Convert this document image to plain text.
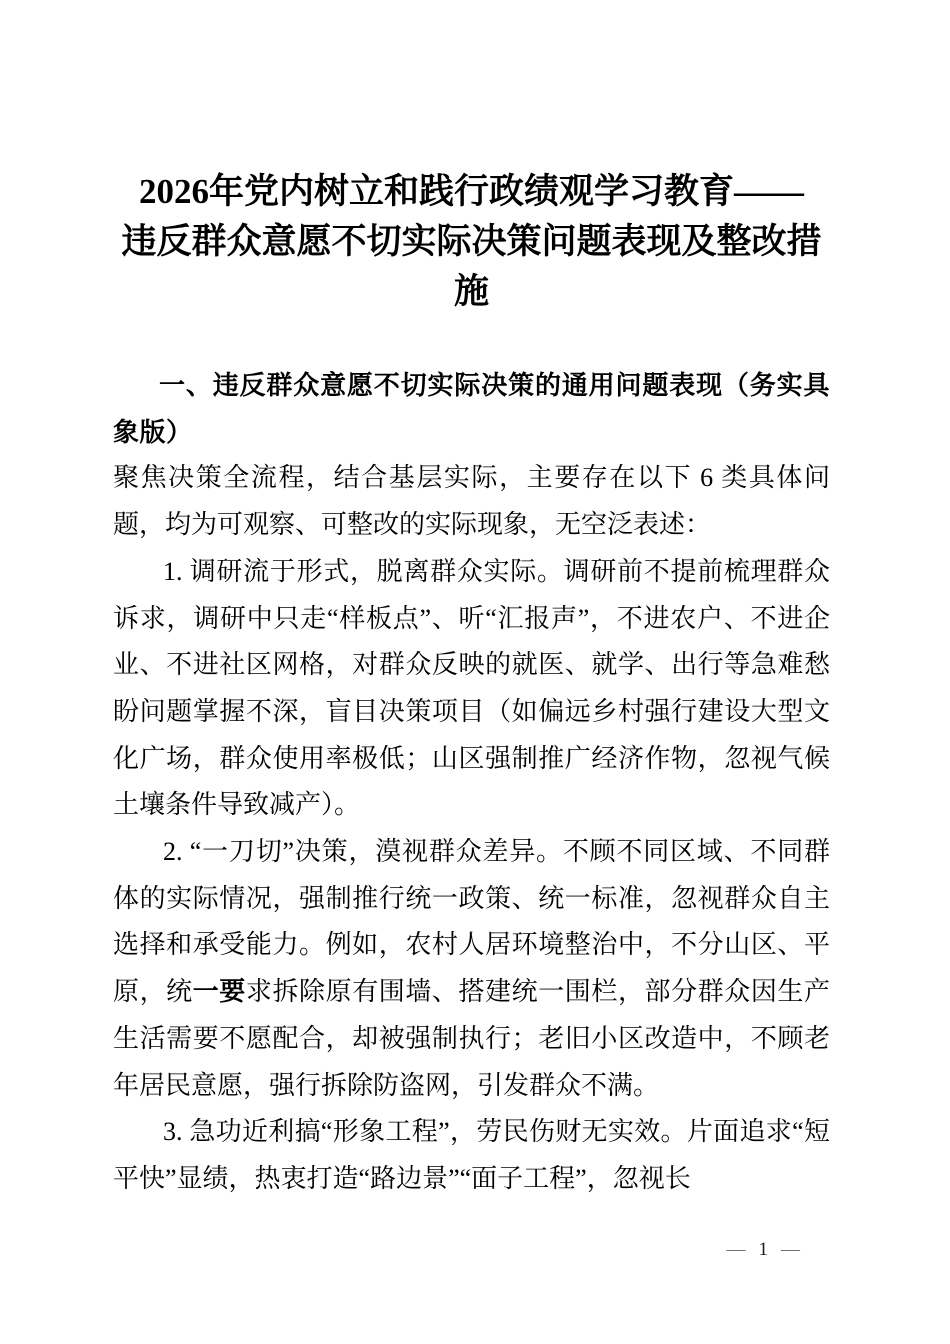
2026年党内树立和践行政绩观学习教育——
违反群众意愿不切实际决策问题表现及整改措
施

一、违反群众意愿不切实际决策的通用问题表现（务实具象版）

聚焦决策全流程，结合基层实际，主要存在以下 6 类具体问题，均为可观察、可整改的实际现象，无空泛表述：

1. 调研流于形式，脱离群众实际。调研前不提前梳理群众诉求，调研中只走“样板点”、听“汇报声”，不进农户、不进企业、不进社区网格，对群众反映的就医、就学、出行等急难愁盼问题掌握不深，盲目决策项目（如偏远乡村强行建设大型文化广场，群众使用率极低；山区强制推广经济作物，忽视气候土壤条件导致减产）。

2. “一刀切”决策，漠视群众差异。不顾不同区域、不同群体的实际情况，强制推行统一政策、统一标准，忽视群众自主选择和承受能力。例如，农村人居环境整治中，不分山区、平原，统一要求拆除原有围墙、搭建统一围栏，部分群众因生产生活需要不愿配合，却被强制执行；老旧小区改造中，不顾老年居民意愿，强行拆除防盗网，引发群众不满。

3. 急功近利搞“形象工程”，劳民伤财无实效。片面追求“短平快”显绩，热衷打造“路边景”“面子工程”，忽视长

— 1 —
